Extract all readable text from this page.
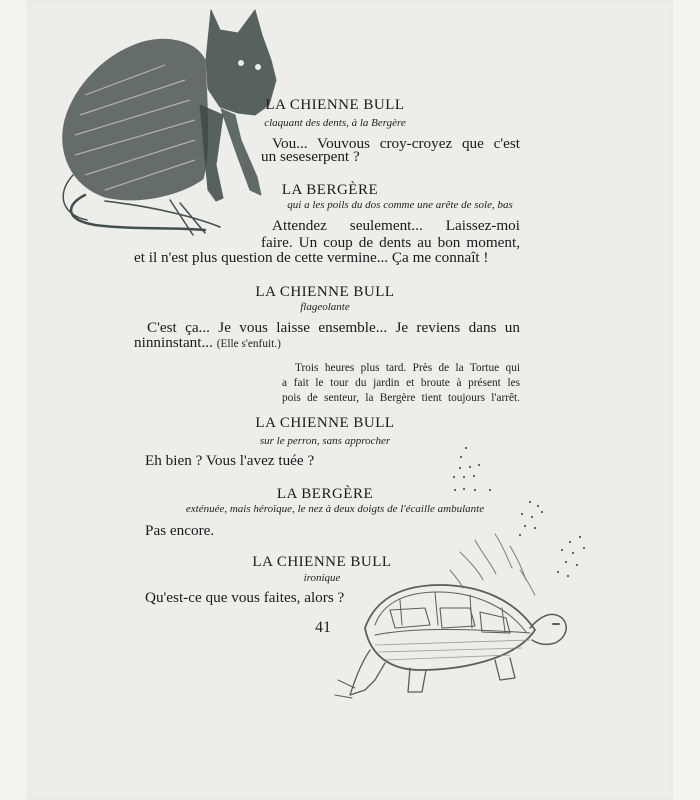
LA CHIENNE BULL
claquant des dents, à la Bergère
Vou... Vouvous croy-croyez que c'est
un seseserpent ?
LA BERGÈRE
qui a les poils du dos comme une arête de sole, bas
Attendez seulement... Laissez-moi
faire. Un coup de dents au bon moment,
et il n'est plus question de cette vermine... Ça me connaît !
LA CHIENNE BULL
flageolante
C'est ça... Je vous laisse ensemble... Je reviens dans un
ninninstant... (Elle s'enfuit.)
Trois heures plus tard. Près de la Tortue qui
a fait le tour du jardin et broute à présent les
pois de senteur, la Bergère tient toujours l'arrêt.
LA CHIENNE BULL
sur le perron, sans approcher
Eh bien ? Vous l'avez tuée ?
LA BERGÈRE
exténuée, mais héroïque, le nez à deux doigts de l'écaille ambulante
Pas encore.
LA CHIENNE BULL
ironique
Qu'est-ce que vous faites, alors ?
41
